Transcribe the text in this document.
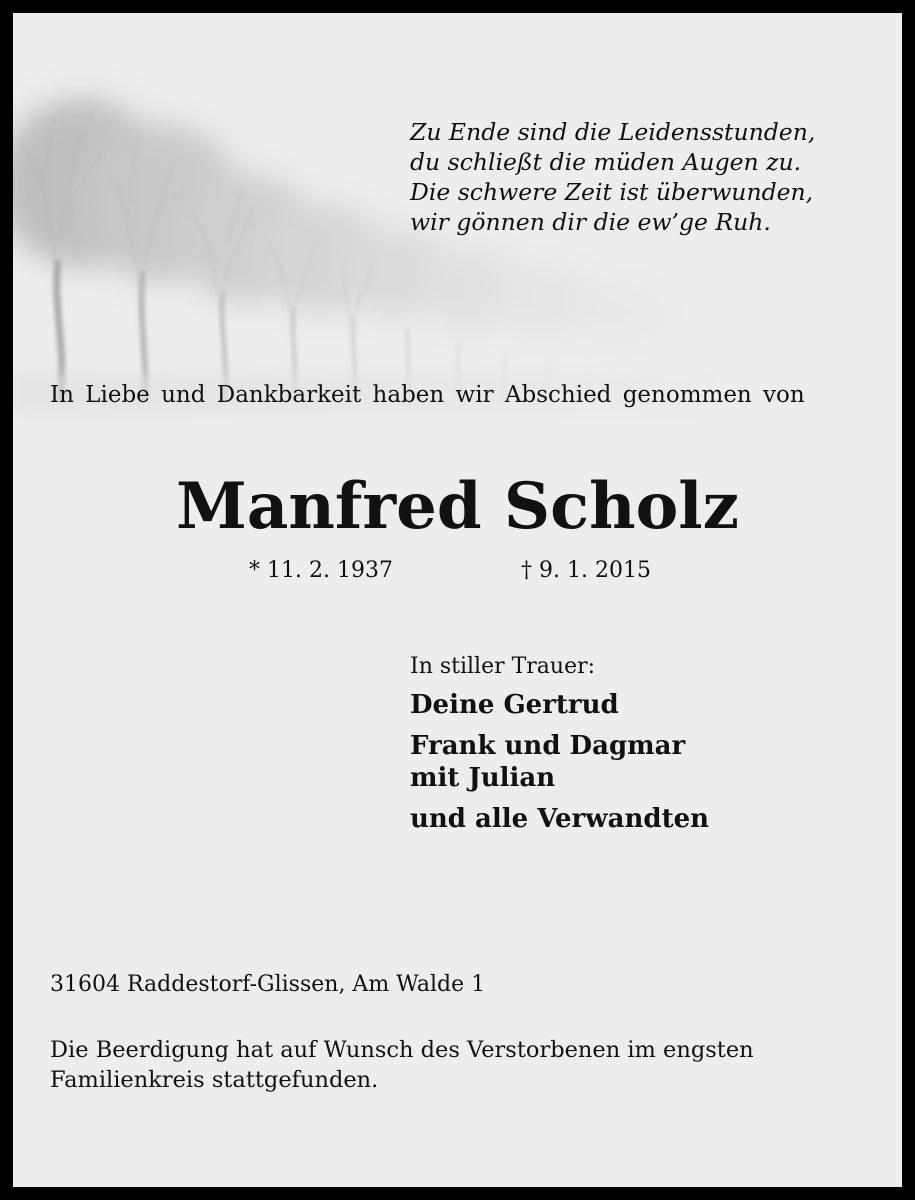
Zu Ende sind die Leidensstunden,
du schließt die müden Augen zu.
Die schwere Zeit ist überwunden,
wir gönnen dir die ew’ge Ruh.

In Liebe und Dankbarkeit haben wir Abschied genommen von

Manfred Scholz

* 11. 2. 1937	† 9. 1. 2015

In stiller Trauer:

Deine Gertrud
Frank und Dagmar
mit Julian
und alle Verwandten

31604 Raddestorf-Glissen, Am Walde 1

Die Beerdigung hat auf Wunsch des Verstorbenen im engsten Familienkreis stattgefunden.
